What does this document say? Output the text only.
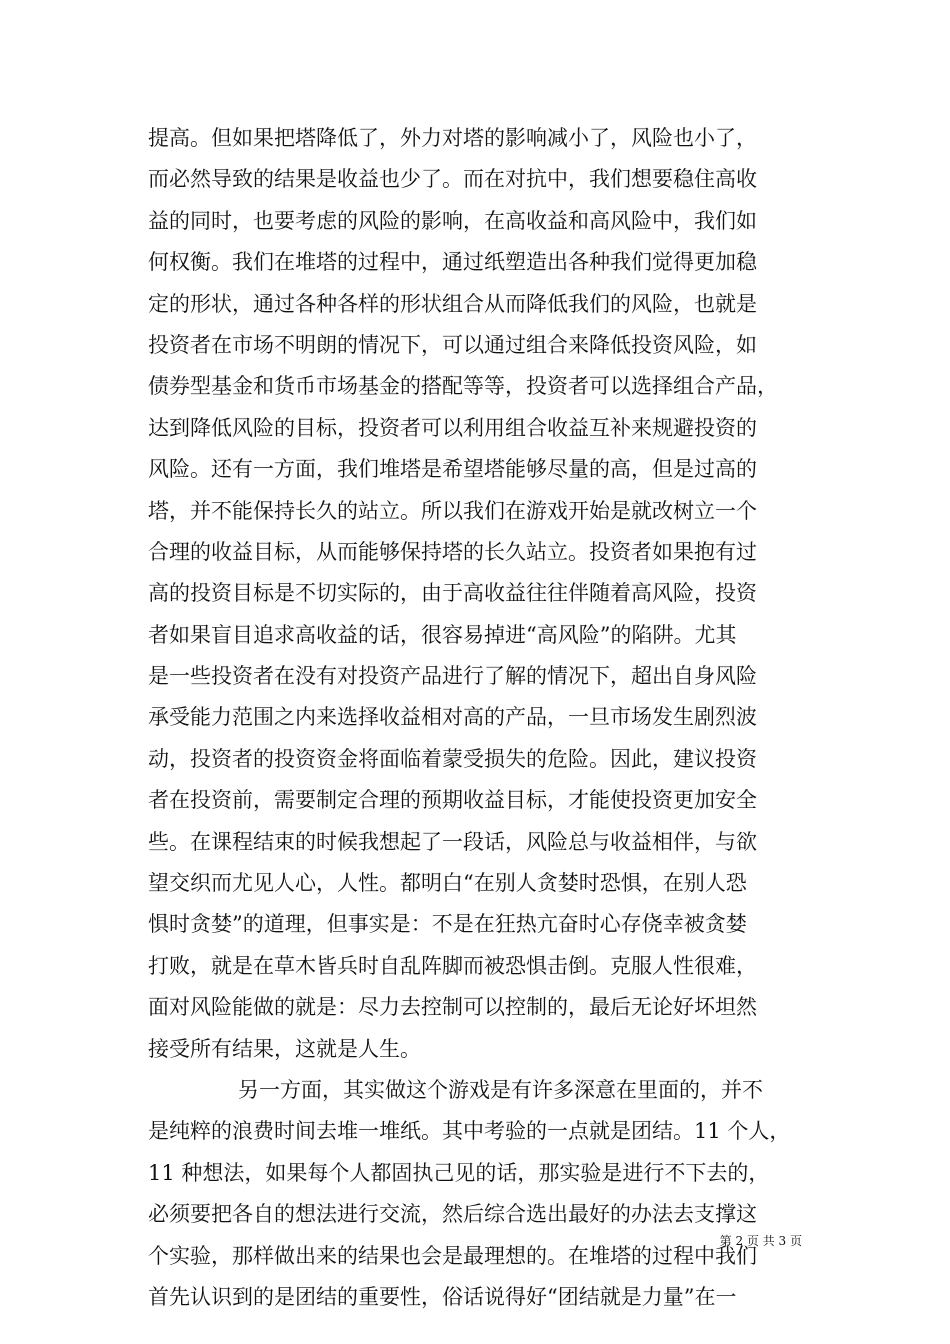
提高。但如果把塔降低了，外力对塔的影响减小了，风险也小了，
而必然导致的结果是收益也少了。而在对抗中，我们想要稳住高收
益的同时，也要考虑的风险的影响，在高收益和高风险中，我们如
何权衡。我们在堆塔的过程中，通过纸塑造出各种我们觉得更加稳
定的形状，通过各种各样的形状组合从而降低我们的风险，也就是
投资者在市场不明朗的情况下，可以通过组合来降低投资风险，如
债券型基金和货币市场基金的搭配等等，投资者可以选择组合产品，
达到降低风险的目标，投资者可以利用组合收益互补来规避投资的
风险。还有一方面，我们堆塔是希望塔能够尽量的高，但是过高的
塔，并不能保持长久的站立。所以我们在游戏开始是就改树立一个
合理的收益目标，从而能够保持塔的长久站立。投资者如果抱有过
高的投资目标是不切实际的，由于高收益往往伴随着高风险，投资
者如果盲目追求高收益的话，很容易掉进“高风险”的陷阱。尤其
是一些投资者在没有对投资产品进行了解的情况下，超出自身风险
承受能力范围之内来选择收益相对高的产品，一旦市场发生剧烈波
动，投资者的投资资金将面临着蒙受损失的危险。因此，建议投资
者在投资前，需要制定合理的预期收益目标，才能使投资更加安全
些。在课程结束的时候我想起了一段话，风险总与收益相伴，与欲
望交织而尤见人心，人性。都明白“在别人贪婪时恐惧，在别人恐
惧时贪婪”的道理，但事实是：不是在狂热亢奋时心存侥幸被贪婪
打败，就是在草木皆兵时自乱阵脚而被恐惧击倒。克服人性很难，
面对风险能做的就是：尽力去控制可以控制的，最后无论好坏坦然
接受所有结果，这就是人生。
另一方面，其实做这个游戏是有许多深意在里面的，并不
是纯粹的浪费时间去堆一堆纸。其中考验的一点就是团结。11 个人，
11 种想法，如果每个人都固执己见的话，那实验是进行不下去的，
必须要把各自的想法进行交流，然后综合选出最好的办法去支撑这
个实验，那样做出来的结果也会是最理想的。在堆塔的过程中我们
首先认识到的是团结的重要性，俗话说得好“团结就是力量”在一
第 2 页 共 3 页
